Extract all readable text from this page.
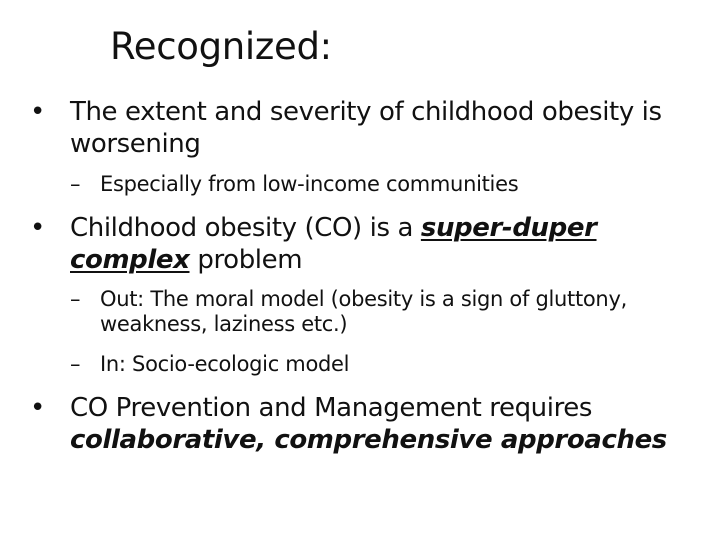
Recognized:
• The extent and severity of childhood obesity is worsening
– Especially from low-income communities
• Childhood obesity (CO) is a super-duper complex problem
– Out: The moral model (obesity is a sign of gluttony, weakness, laziness etc.)
– In: Socio-ecologic model
• CO Prevention and Management requires collaborative, comprehensive approaches
